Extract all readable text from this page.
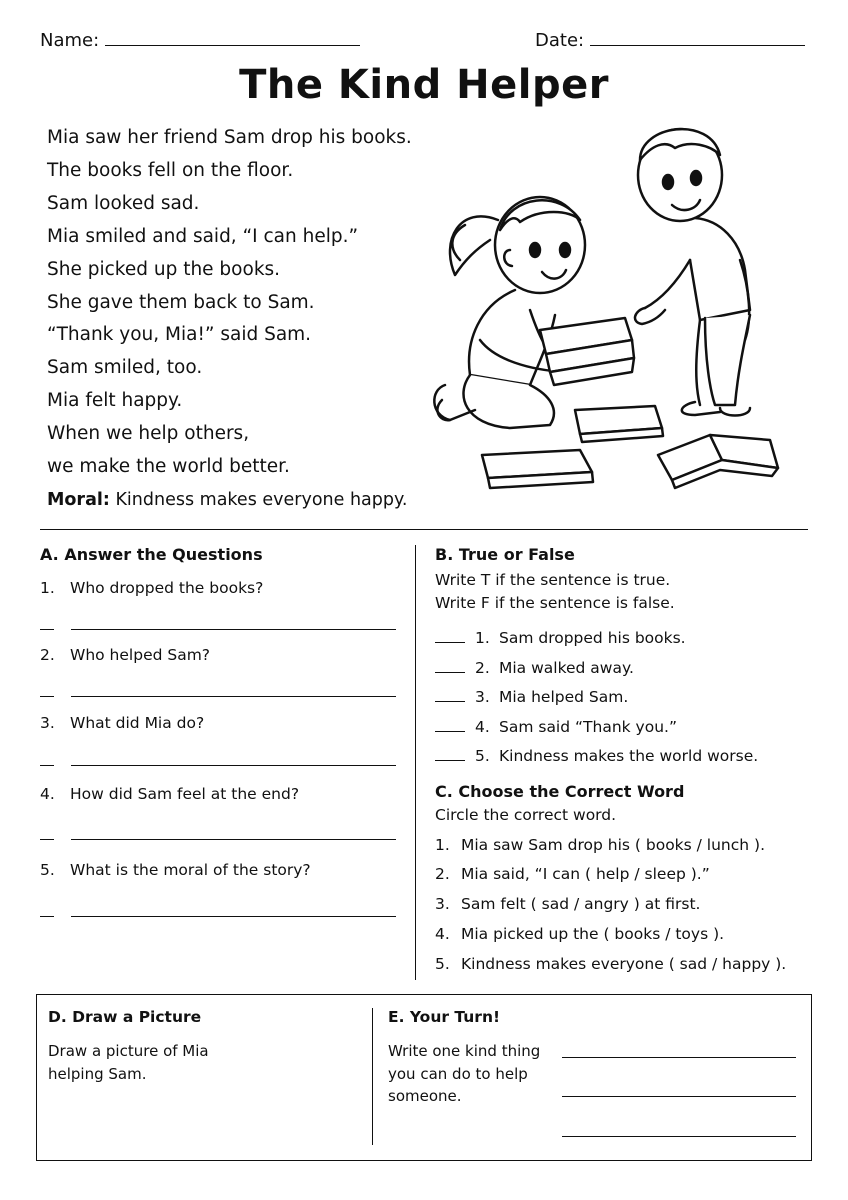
Name:	Date:
The Kind Helper
Mia saw her friend Sam drop his books.
The books fell on the floor.
Sam looked sad.
Mia smiled and said, “I can help.”
She picked up the books.
She gave them back to Sam.
“Thank you, Mia!” said Sam.
Sam smiled, too.
Mia felt happy.
When we help others,
we make the world better.
Moral: Kindness makes everyone happy.
A. Answer the Questions
1. Who dropped the books?
2. Who helped Sam?
3. What did Mia do?
4. How did Sam feel at the end?
5. What is the moral of the story?
B. True or False
Write T if the sentence is true.
Write F if the sentence is false.
1. Sam dropped his books.
2. Mia walked away.
3. Mia helped Sam.
4. Sam said “Thank you.”
5. Kindness makes the world worse.
C. Choose the Correct Word
Circle the correct word.
1. Mia saw Sam drop his ( books / lunch ).
2. Mia said, “I can ( help / sleep ).”
3. Sam felt ( sad / angry ) at first.
4. Mia picked up the ( books / toys ).
5. Kindness makes everyone ( sad / happy ).
D. Draw a Picture
Draw a picture of Mia
helping Sam.
E. Your Turn!
Write one kind thing
you can do to help
someone.
